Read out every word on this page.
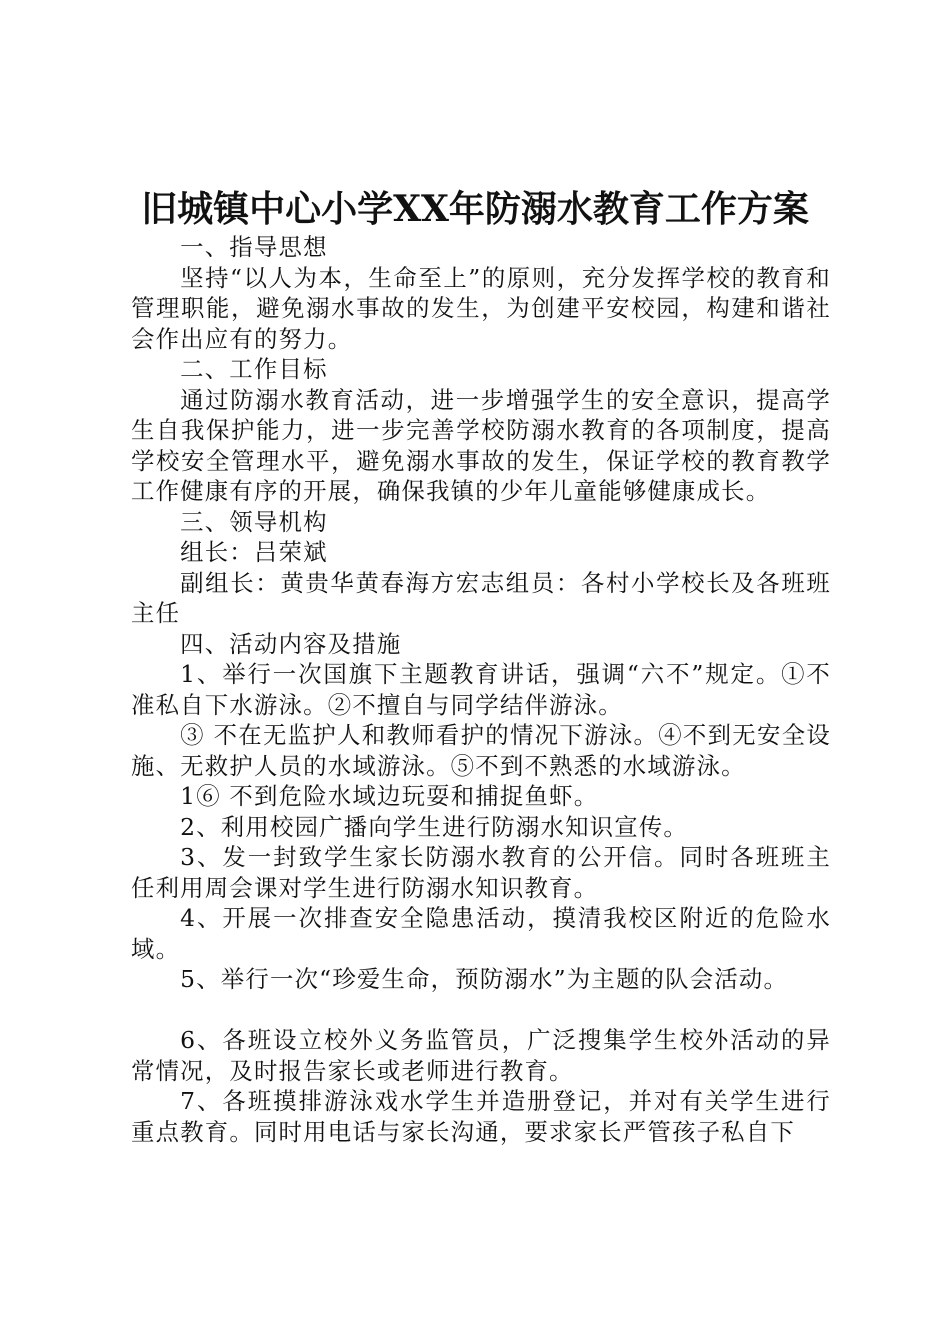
旧城镇中心小学XX年防溺水教育工作方案

一、指导思想

坚持“以人为本，生命至上”的原则，充分发挥学校的教育和管理职能，避免溺水事故的发生，为创建平安校园，构建和谐社会作出应有的努力。

二、工作目标

通过防溺水教育活动，进一步增强学生的安全意识，提高学生自我保护能力，进一步完善学校防溺水教育的各项制度，提高学校安全管理水平，避免溺水事故的发生，保证学校的教育教学工作健康有序的开展，确保我镇的少年儿童能够健康成长。

三、领导机构

组长：吕荣斌

副组长：黄贵华黄春海方宏志组员：各村小学校长及各班班主任

四、活动内容及措施

1、举行一次国旗下主题教育讲话，强调“六不”规定。①不准私自下水游泳。②不擅自与同学结伴游泳。

③ 不在无监护人和教师看护的情况下游泳。④不到无安全设施、无救护人员的水域游泳。⑤不到不熟悉的水域游泳。

1⑥ 不到危险水域边玩耍和捕捉鱼虾。

2、利用校园广播向学生进行防溺水知识宣传。

3、发一封致学生家长防溺水教育的公开信。同时各班班主任利用周会课对学生进行防溺水知识教育。

4、开展一次排查安全隐患活动，摸清我校区附近的危险水域。

5、举行一次“珍爱生命，预防溺水”为主题的队会活动。

6、各班设立校外义务监管员，广泛搜集学生校外活动的异常情况，及时报告家长或老师进行教育。

7、各班摸排游泳戏水学生并造册登记，并对有关学生进行重点教育。同时用电话与家长沟通，要求家长严管孩子私自下
